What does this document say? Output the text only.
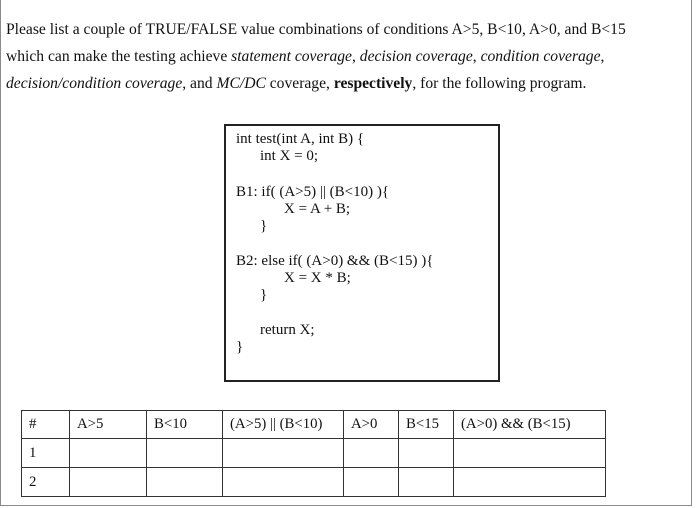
Please list a couple of TRUE/FALSE value combinations of conditions A>5, B<10, A>0, and B<15
which can make the testing achieve statement coverage, decision coverage, condition coverage,
decision/condition coverage, and MC/DC coverage, respectively, for the following program.
int test(int A, int B) {
int X = 0;
B1: if( (A>5) || (B<10) ){
X = A + B;
}
B2: else if( (A>0) && (B<15) ){
X = X * B;
}
return X;
}
#	A>5	B<10	(A>5) || (B<10)	A>0	B<15	(A>0) && (B<15)
1						
2						
